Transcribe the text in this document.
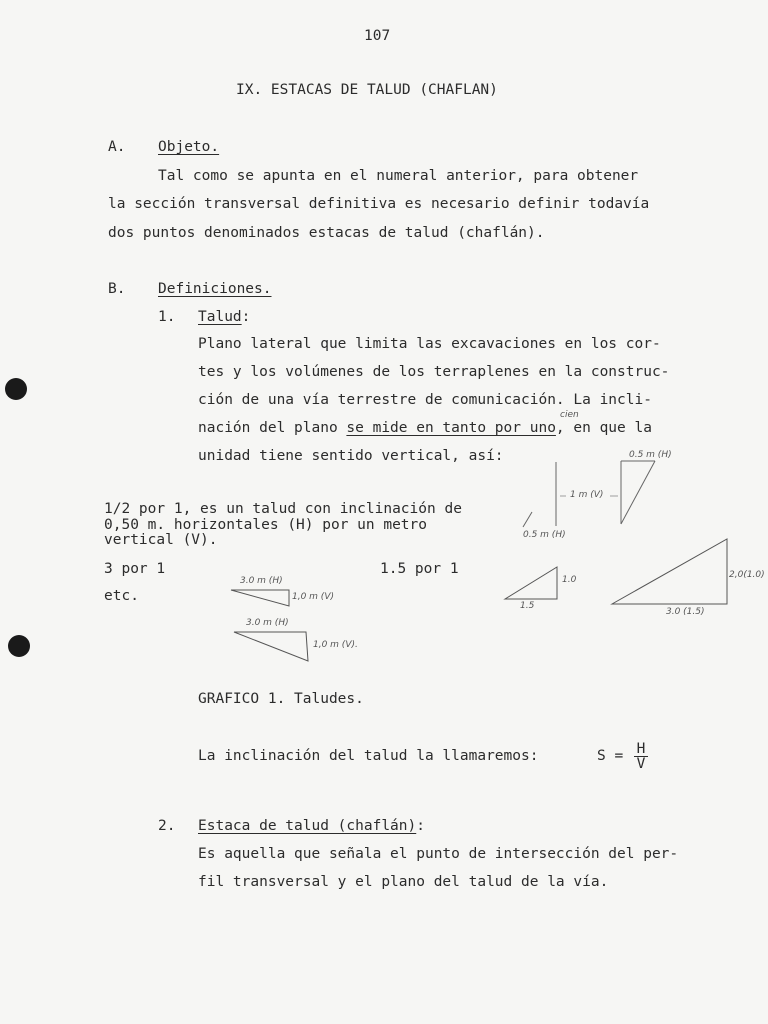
107
IX. ESTACAS DE TALUD (CHAFLAN)
A. Objeto.
Tal como se apunta en el numeral anterior, para obtener
la sección transversal definitiva es necesario definir todavía
dos puntos denominados estacas de talud (chaflán).
B. Definiciones.
1. Talud:
Plano lateral que limita las excavaciones en los cor-
tes y los volúmenes de los terraplenes en la construc-
ción de una vía terrestre de comunicación. La incli-
cien
nación del plano se mide en tanto por uno, en que la
unidad tiene sentido vertical, así:	0.5 m (H)
1 m (V)
0.5 m (H)
1/2 por 1, es un talud con inclinación de
0,50 m. horizontales (H) por un metro
vertical (V).
3 por 1
etc.
1.5 por 1
3.0 m (H)
1,0 m (V)
3.0 m (H)
1,0 m (V).
1.0
1.5
2,0(1.0)
3.0 (1.5)
GRAFICO 1. Taludes.
La inclinación del talud la llamaremos:	$S = \frac{H}{V}$
2. Estaca de talud (chaflán):
Es aquella que señala el punto de intersección del per-
fil transversal y el plano del talud de la vía.
